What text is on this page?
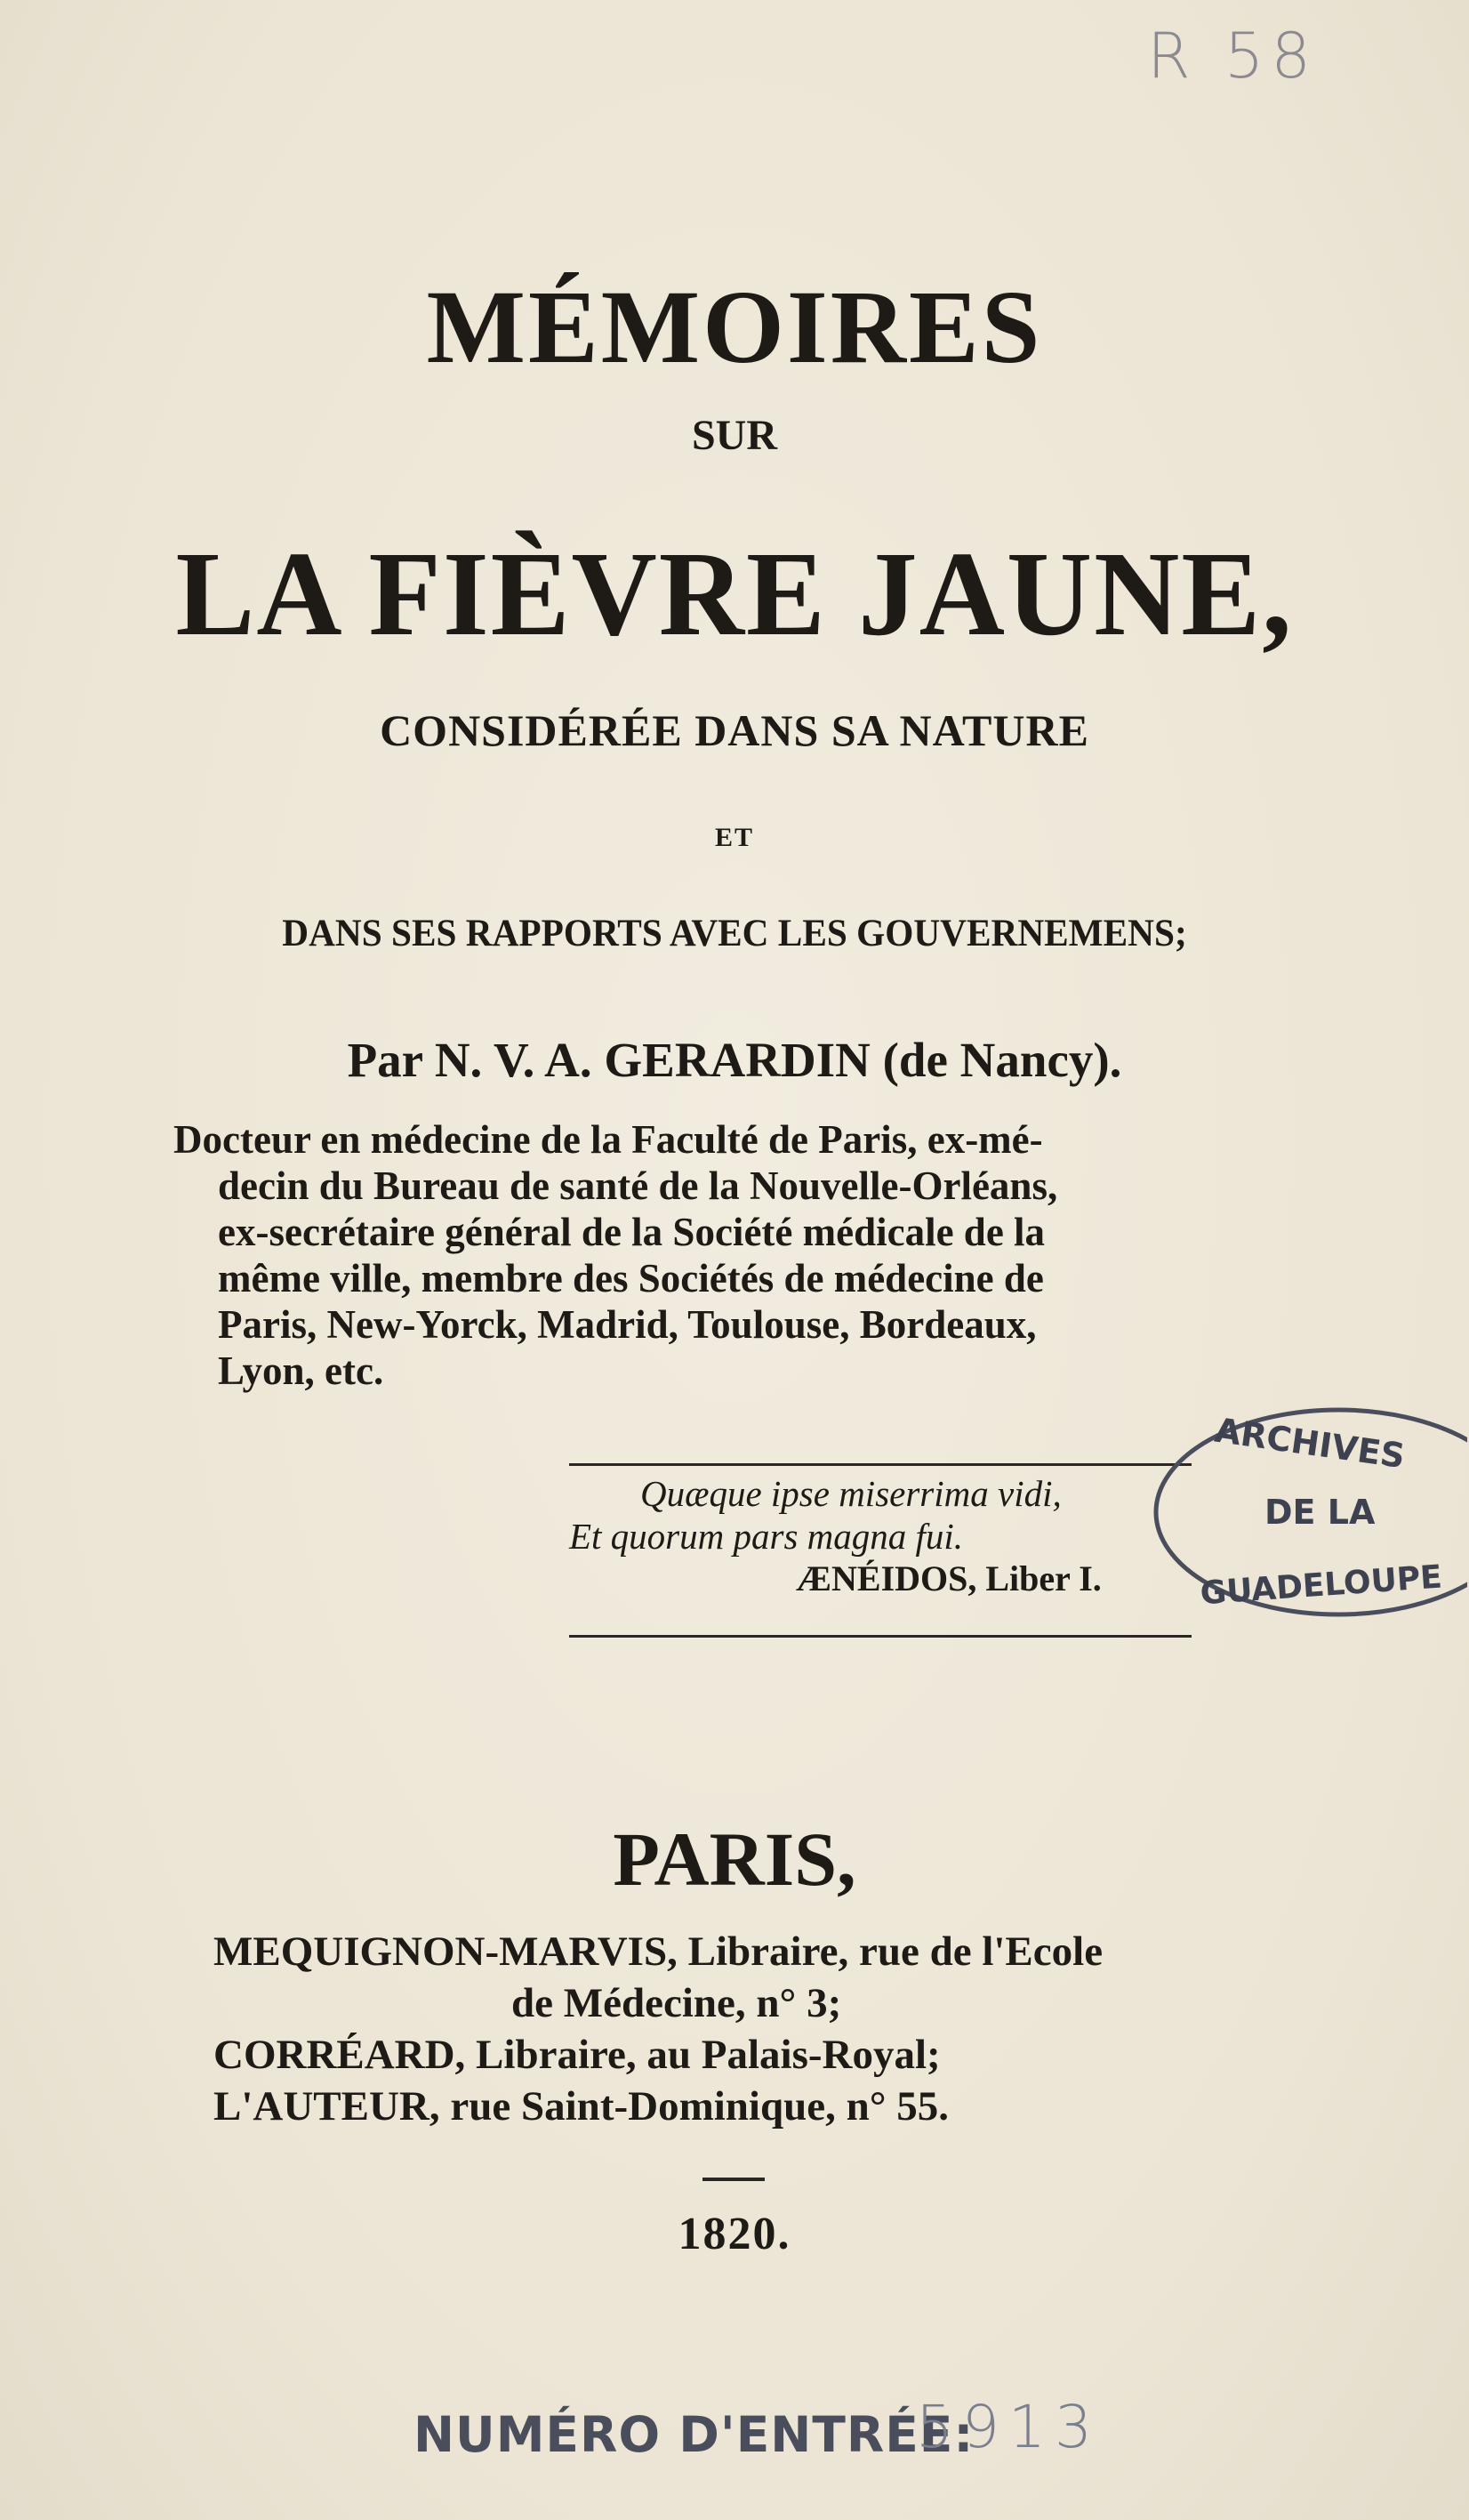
R 58
MÉMOIRES
SUR
LA FIÈVRE JAUNE,
CONSIDÉRÉE DANS SA NATURE
ET
DANS SES RAPPORTS AVEC LES GOUVERNEMENS;
Par N. V. A. GERARDIN (de Nancy).
Docteur en médecine de la Faculté de Paris, ex-mé-
decin du Bureau de santé de la Nouvelle-Orléans,
ex-secrétaire général de la Société médicale de la
même ville, membre des Sociétés de médecine de
Paris, New-Yorck, Madrid, Toulouse, Bordeaux,
Lyon, etc.
Quæque ipse miserrima vidi,
Et quorum pars magna fui.
ÆNÉIDOS, Liber I.
ARCHIVES
DE LA
GUADELOUPE
PARIS,
MEQUIGNON-MARVIS, Libraire, rue de l'Ecole
de Médecine, n° 3;
CORRÉARD, Libraire, au Palais-Royal;
L'AUTEUR, rue Saint-Dominique, n° 55.
1820.
NUMÉRO D'ENTRÉE:
5913
